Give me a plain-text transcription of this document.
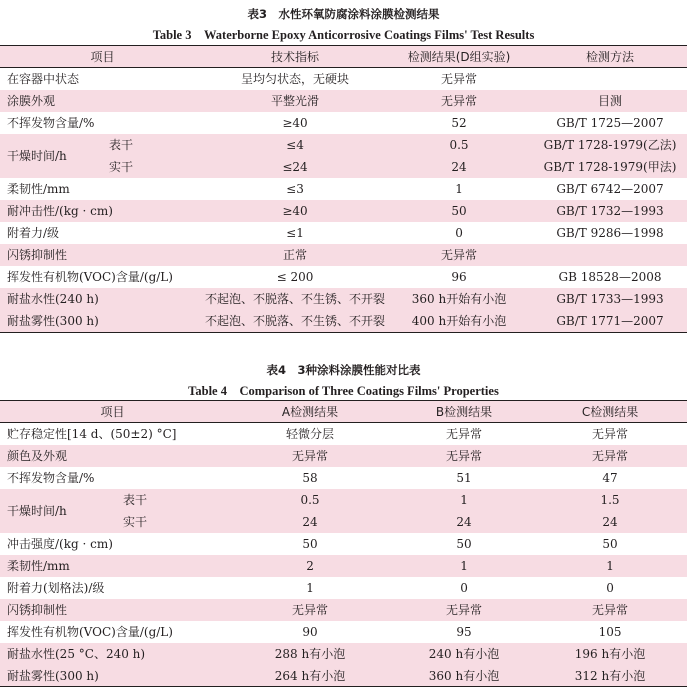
表3　水性环氧防腐涂料涂膜检测结果
Table 3　Waterborne Epoxy Anticorrosive Coatings Films' Test Results
项目		技术指标	检测结果(D组实验)	检测方法
在容器中状态		呈均匀状态，无硬块	无异常	
涂膜外观		平整光滑	无异常	目测
不挥发物含量/%		≥40	52	GB/T 1725—2007
干燥时间/h	表干	≤4	0.5	GB/T 1728-1979(乙法)
	实干	≤24	24	GB/T 1728-1979(甲法)
柔韧性/mm		≤3	1	GB/T 6742—2007
耐冲击性/(kg · cm)		≥40	50	GB/T 1732—1993
附着力/级		≤1	0	GB/T 9286—1998
闪锈抑制性		正常	无异常	
挥发性有机物(VOC)含量/(g/L)		≤ 200	96	GB 18528—2008
耐盐水性(240 h)		不起泡、不脱落、不生锈、不开裂	360 h开始有小泡	GB/T 1733—1993
耐盐雾性(300 h)		不起泡、不脱落、不生锈、不开裂	400 h开始有小泡	GB/T 1771—2007
表4　3种涂料涂膜性能对比表
Table 4　Comparison of Three Coatings Films' Properties
项目		A检测结果	B检测结果	C检测结果
贮存稳定性[14 d、(50±2) °C]		轻微分层	无异常	无异常
颜色及外观		无异常	无异常	无异常
不挥发物含量/%		58	51	47
干燥时间/h	表干	0.5	1	1.5
	实干	24	24	24
冲击强度/(kg · cm)		50	50	50
柔韧性/mm		2	1	1
附着力(划格法)/级		1	0	0
闪锈抑制性		无异常	无异常	无异常
挥发性有机物(VOC)含量/(g/L)		90	95	105
耐盐水性(25 °C、240 h)		288 h有小泡	240 h有小泡	196 h有小泡
耐盐雾性(300 h)		264 h有小泡	360 h有小泡	312 h有小泡
